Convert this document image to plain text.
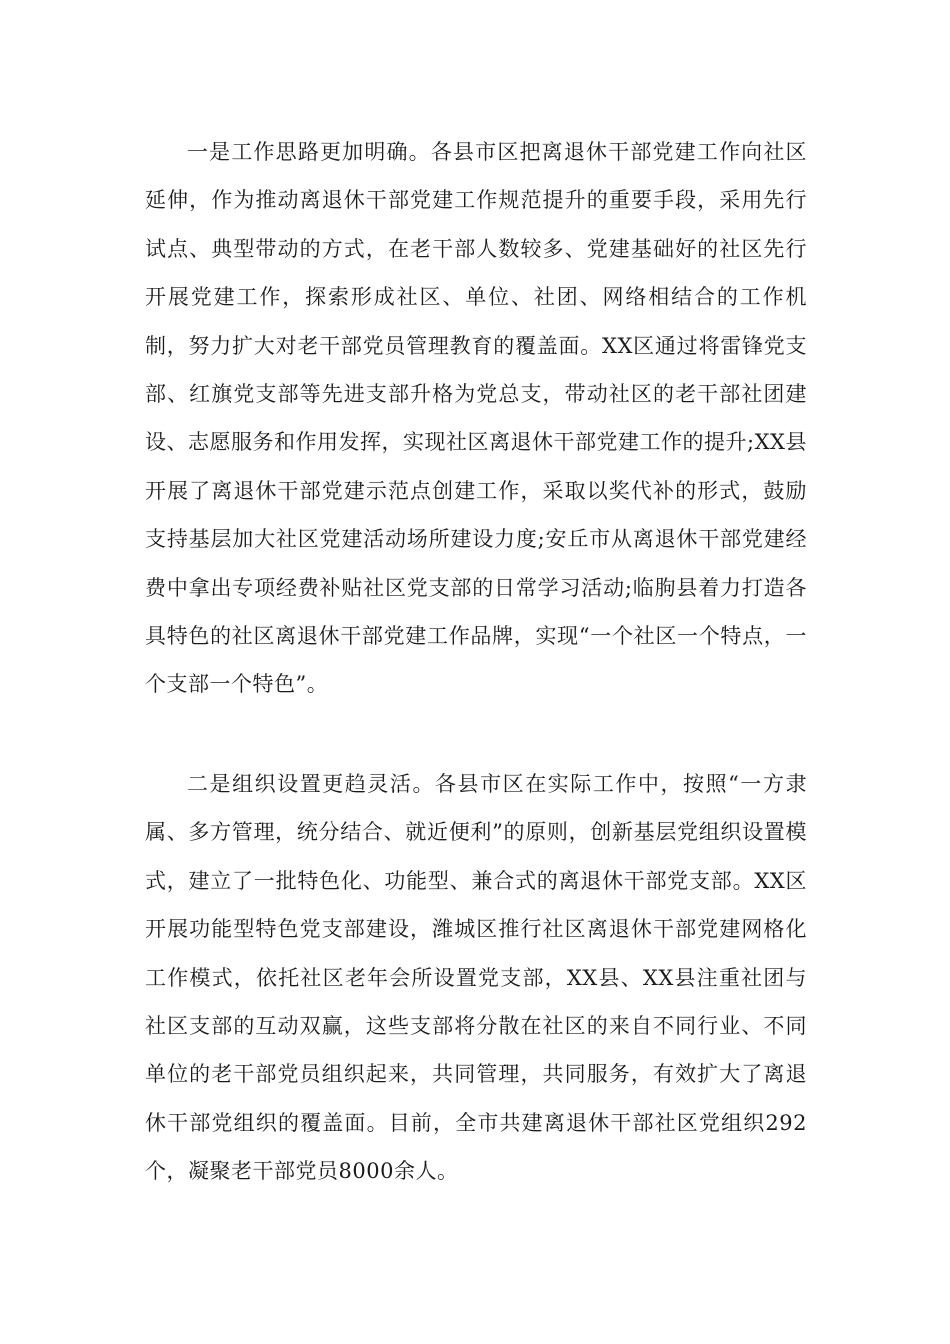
一是工作思路更加明确。各县市区把离退休干部党建工作向社区延伸，作为推动离退休干部党建工作规范提升的重要手段，采用先行试点、典型带动的方式，在老干部人数较多、党建基础好的社区先行开展党建工作，探索形成社区、单位、社团、网络相结合的工作机制，努力扩大对老干部党员管理教育的覆盖面。XX区通过将雷锋党支部、红旗党支部等先进支部升格为党总支，带动社区的老干部社团建设、志愿服务和作用发挥，实现社区离退休干部党建工作的提升;XX县开展了离退休干部党建示范点创建工作，采取以奖代补的形式，鼓励支持基层加大社区党建活动场所建设力度;安丘市从离退休干部党建经费中拿出专项经费补贴社区党支部的日常学习活动;临朐县着力打造各具特色的社区离退休干部党建工作品牌，实现“一个社区一个特点，一个支部一个特色”。

二是组织设置更趋灵活。各县市区在实际工作中，按照“一方隶属、多方管理，统分结合、就近便利”的原则，创新基层党组织设置模式，建立了一批特色化、功能型、兼合式的离退休干部党支部。XX区开展功能型特色党支部建设，潍城区推行社区离退休干部党建网格化工作模式，依托社区老年会所设置党支部，XX县、XX县注重社团与社区支部的互动双赢，这些支部将分散在社区的来自不同行业、不同单位的老干部党员组织起来，共同管理，共同服务，有效扩大了离退休干部党组织的覆盖面。目前，全市共建离退休干部社区党组织292个，凝聚老干部党员8000余人。
